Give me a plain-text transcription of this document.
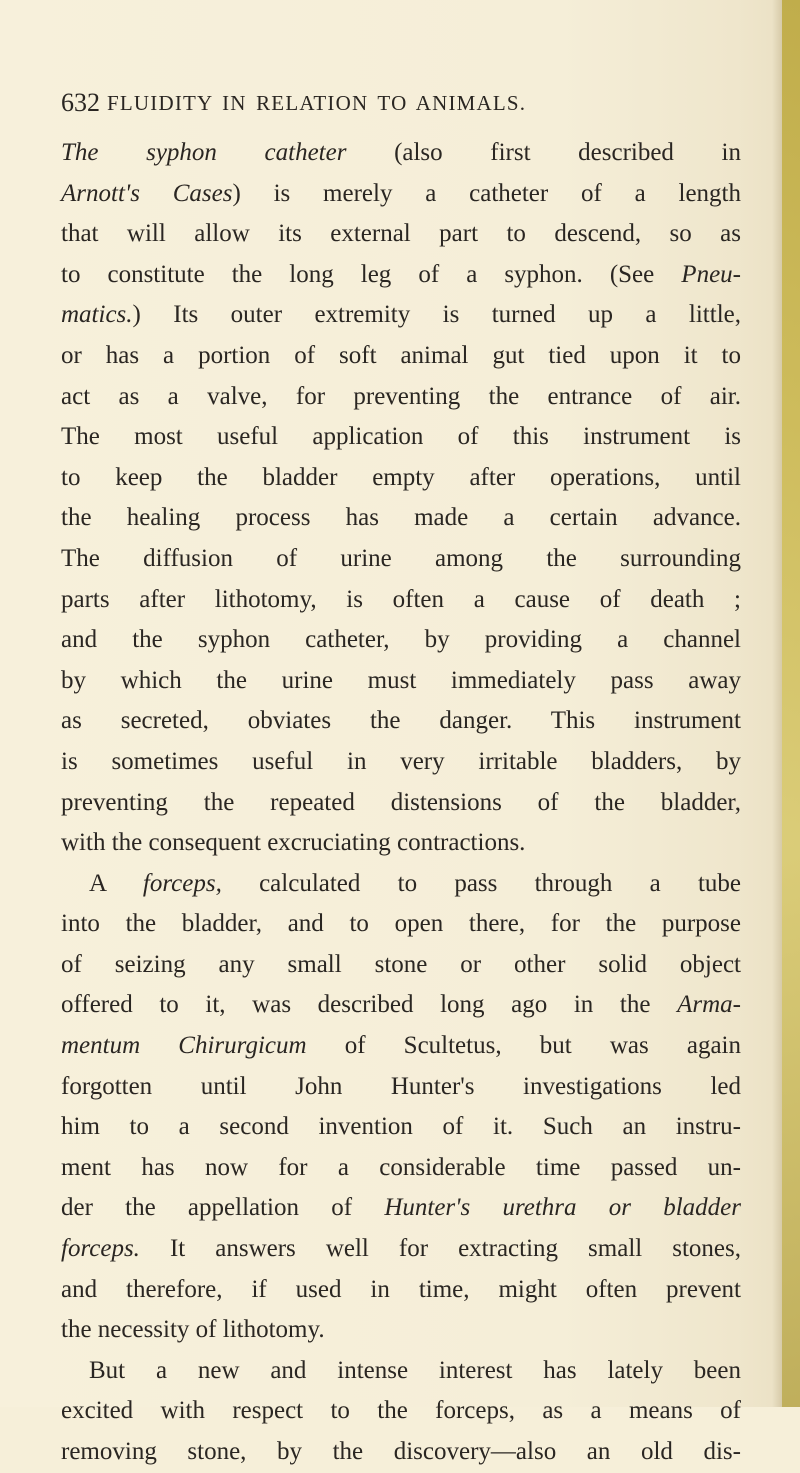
632 FLUIDITY IN RELATION TO ANIMALS.
The syphon catheter (also first described in
Arnott's Cases) is merely a catheter of a length
that will allow its external part to descend, so as
to constitute the long leg of a syphon. (See Pneu-
matics.) Its outer extremity is turned up a little,
or has a portion of soft animal gut tied upon it to
act as a valve, for preventing the entrance of air.
The most useful application of this instrument is
to keep the bladder empty after operations, until
the healing process has made a certain advance.
The diffusion of urine among the surrounding
parts after lithotomy, is often a cause of death ;
and the syphon catheter, by providing a channel
by which the urine must immediately pass away
as secreted, obviates the danger. This instrument
is sometimes useful in very irritable bladders, by
preventing the repeated distensions of the bladder,
with the consequent excruciating contractions.
A forceps, calculated to pass through a tube
into the bladder, and to open there, for the purpose
of seizing any small stone or other solid object
offered to it, was described long ago in the Arma-
mentum Chirurgicum of Scultetus, but was again
forgotten until John Hunter's investigations led
him to a second invention of it. Such an instru-
ment has now for a considerable time passed un-
der the appellation of Hunter's urethra or bladder
forceps. It answers well for extracting small stones,
and therefore, if used in time, might often prevent
the necessity of lithotomy.
But a new and intense interest has lately been
excited with respect to the forceps, as a means of
removing stone, by the discovery—also an old dis-
